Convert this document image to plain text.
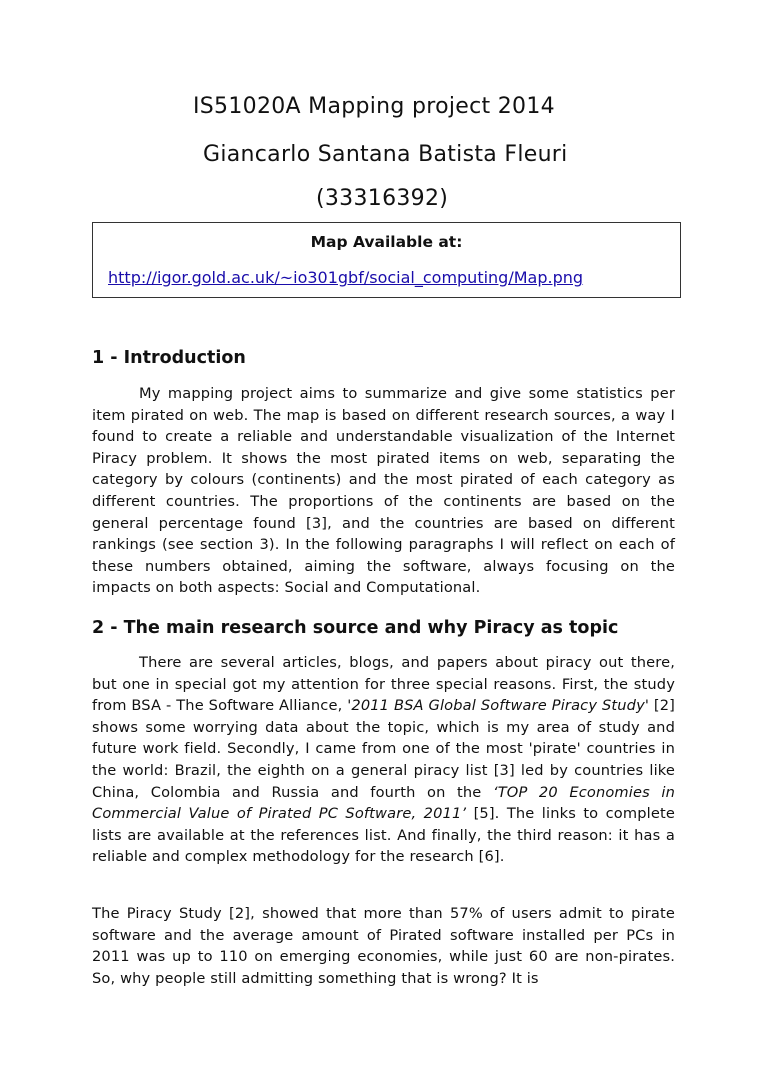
IS51020A Mapping project 2014
Giancarlo Santana Batista Fleuri
(33316392)
Map Available at:
http://igor.gold.ac.uk/~io301gbf/social_computing/Map.png
1 - Introduction

My mapping project aims to summarize and give some statistics per item pirated on web. The map is based on different research sources, a way I found to create a reliable and understandable visualization of the Internet Piracy problem. It shows the most pirated items on web, separating the category by colours (continents) and the most pirated of each category as different countries. The proportions of the continents are based on the general percentage found [3], and the countries are based on different rankings (see section 3). In the following paragraphs I will reflect on each of these numbers obtained, aiming the software, always focusing on the impacts on both aspects: Social and Computational.

2 - The main research source and why Piracy as topic

There are several articles, blogs, and papers about piracy out there, but one in special got my attention for three special reasons. First, the study from BSA - The Software Alliance, '2011 BSA Global Software Piracy Study' [2] shows some worrying data about the topic, which is my area of study and future work field. Secondly, I came from one of the most 'pirate' countries in the world: Brazil, the eighth on a general piracy list [3] led by countries like China, Colombia and Russia and fourth on the ‘TOP 20 Economies in Commercial Value of Pirated PC Software, 2011’ [5]. The links to complete lists are available at the references list. And finally, the third reason: it has a reliable and complex methodology for the research [6].

The Piracy Study [2], showed that more than 57% of users admit to pirate software and the average amount of Pirated software installed per PCs in 2011 was up to 110 on emerging economies, while just 60 are non-pirates. So, why people still admitting something that is wrong? It is
